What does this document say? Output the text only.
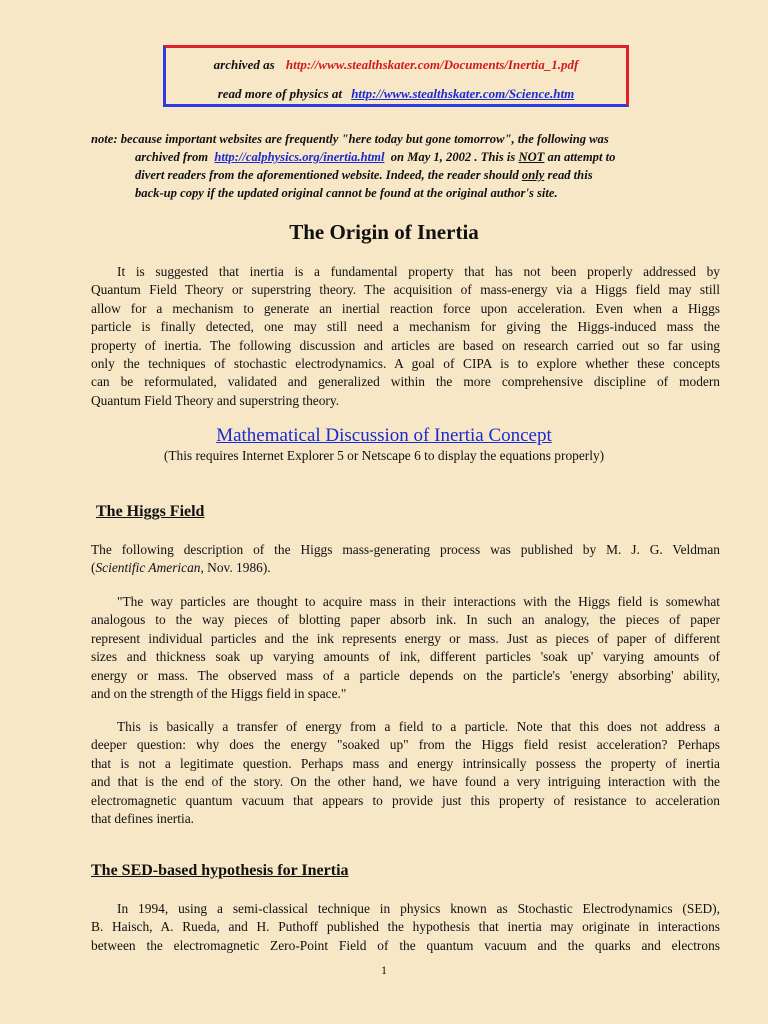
archived as http://www.stealthskater.com/Documents/Inertia_1.pdf
read more of physics at http://www.stealthskater.com/Science.htm
note: because important websites are frequently "here today but gone tomorrow", the following was
archived from http://calphysics.org/inertia.html on May 1, 2002 . This is NOT an attempt to
divert readers from the aforementioned website. Indeed, the reader should only read this
back-up copy if the updated original cannot be found at the original author's site.
The Origin of Inertia
It is suggested that inertia is a fundamental property that has not been properly addressed by
Quantum Field Theory or superstring theory. The acquisition of mass-energy via a Higgs field may still
allow for a mechanism to generate an inertial reaction force upon acceleration. Even when a Higgs
particle is finally detected, one may still need a mechanism for giving the Higgs-induced mass the
property of inertia. The following discussion and articles are based on research carried out so far using
only the techniques of stochastic electrodynamics. A goal of CIPA is to explore whether these concepts
can be reformulated, validated and generalized within the more comprehensive discipline of modern
Quantum Field Theory and superstring theory.
Mathematical Discussion of Inertia Concept
(This requires Internet Explorer 5 or Netscape 6 to display the equations properly)
The Higgs Field
The following description of the Higgs mass-generating process was published by M. J. G. Veldman
(Scientific American, Nov. 1986).
"The way particles are thought to acquire mass in their interactions with the Higgs field is somewhat
analogous to the way pieces of blotting paper absorb ink. In such an analogy, the pieces of paper
represent individual particles and the ink represents energy or mass. Just as pieces of paper of different
sizes and thickness soak up varying amounts of ink, different particles 'soak up' varying amounts of
energy or mass. The observed mass of a particle depends on the particle's 'energy absorbing' ability,
and on the strength of the Higgs field in space."
This is basically a transfer of energy from a field to a particle. Note that this does not address a
deeper question: why does the energy "soaked up" from the Higgs field resist acceleration? Perhaps
that is not a legitimate question. Perhaps mass and energy intrinsically possess the property of inertia
and that is the end of the story. On the other hand, we have found a very intriguing interaction with the
electromagnetic quantum vacuum that appears to provide just this property of resistance to acceleration
that defines inertia.
The SED-based hypothesis for Inertia
In 1994, using a semi-classical technique in physics known as Stochastic Electrodynamics (SED),
B. Haisch, A. Rueda, and H. Puthoff published the hypothesis that inertia may originate in interactions
between the electromagnetic Zero-Point Field of the quantum vacuum and the quarks and electrons
1
